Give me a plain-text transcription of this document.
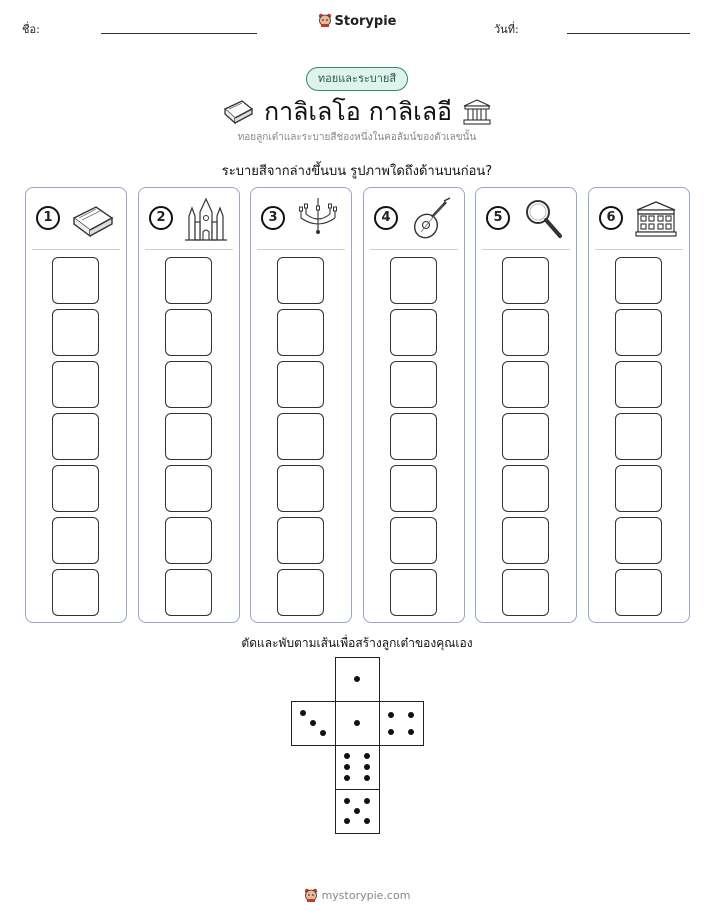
ชื่อ:
Storypie
วันที่:
ทอยและระบายสี
กาลิเลโอ กาลิเลอี
ทอยลูกเต๋าและระบายสีช่องหนึ่งในคอลัมน์ของตัวเลขนั้น
ระบายสีจากล่างขึ้นบน รูปภาพใดถึงด้านบนก่อน?
1	2	3	4	5	6
ตัดและพับตามเส้นเพื่อสร้างลูกเต๋าของคุณเอง
mystorypie.com
